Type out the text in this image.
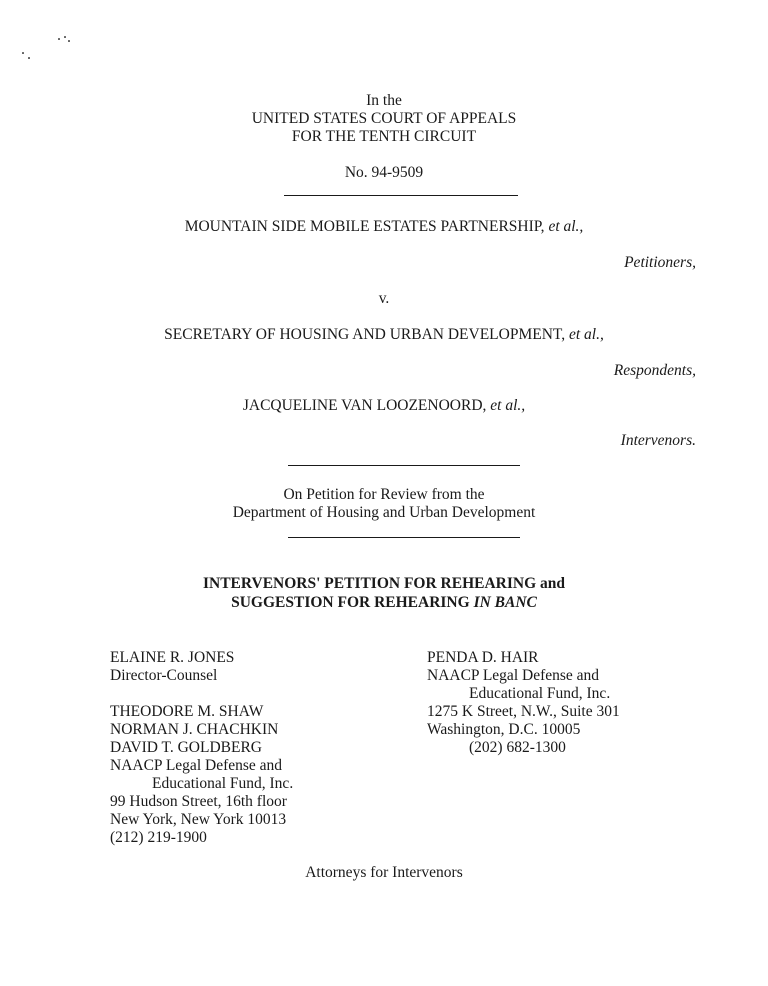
In the
UNITED STATES COURT OF APPEALS
FOR THE TENTH CIRCUIT
No. 94-9509
MOUNTAIN SIDE MOBILE ESTATES PARTNERSHIP, et al.,
Petitioners,
v.
SECRETARY OF HOUSING AND URBAN DEVELOPMENT, et al.,
Respondents,
JACQUELINE VAN LOOZENOORD, et al.,
Intervenors.
On Petition for Review from the
Department of Housing and Urban Development
INTERVENORS' PETITION FOR REHEARING and
SUGGESTION FOR REHEARING IN BANC
ELAINE R. JONES
Director-Counsel
THEODORE M. SHAW
NORMAN J. CHACHKIN
DAVID T. GOLDBERG
NAACP Legal Defense and
Educational Fund, Inc.
99 Hudson Street, 16th floor
New York, New York 10013
(212) 219-1900
PENDA D. HAIR
NAACP Legal Defense and
Educational Fund, Inc.
1275 K Street, N.W., Suite 301
Washington, D.C. 10005
(202) 682-1300
Attorneys for Intervenors
